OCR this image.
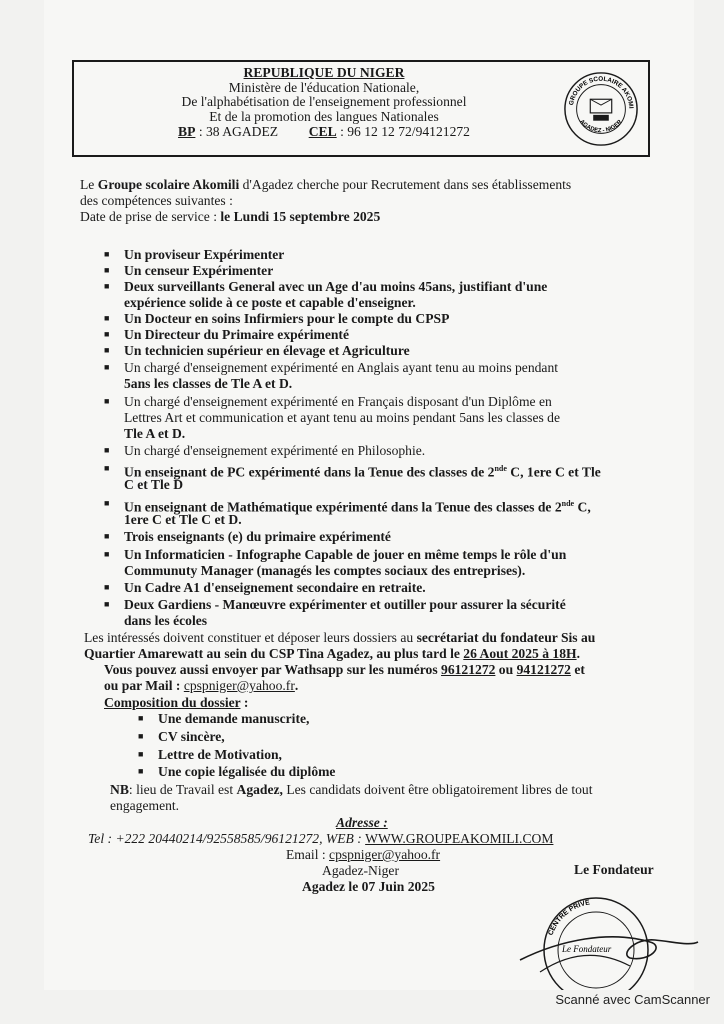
REPUBLIQUE DU NIGER
Ministère de l'éducation Nationale,
De l'alphabétisation de l'enseignement professionnel
Et de la promotion des langues Nationales
BP : 38 AGADEZ CEL : 96 12 12 72/94121272
GROUPE SCOLAIRE AKOMI
AGADEZ - NIGER
Le Groupe scolaire Akomili d'Agadez cherche pour Recrutement dans ses établissements
des compétences suivantes :
Date de prise de service : le Lundi 15 septembre 2025
■ Un proviseur Expérimenter
■ Un censeur Expérimenter
■ Deux surveillants General avec un Age d'au moins 45ans, justifiant d'une
expérience solide à ce poste et capable d'enseigner.
■ Un Docteur en soins Infirmiers pour le compte du CPSP
■ Un Directeur du Primaire expérimenté
■ Un technicien supérieur en élevage et Agriculture
■ Un chargé d'enseignement expérimenté en Anglais ayant tenu au moins pendant
5ans les classes de Tle A et D.
■ Un chargé d'enseignement expérimenté en Français disposant d'un Diplôme en
Lettres Art et communication et ayant tenu au moins pendant 5ans les classes de
Tle A et D.
■ Un chargé d'enseignement expérimenté en Philosophie.
■ Un enseignant de PC expérimenté dans la Tenue des classes de 2nde C, 1ere C et Tle
C et Tle D
■ Un enseignant de Mathématique expérimenté dans la Tenue des classes de 2nde C,
1ere C et Tle C et D.
■ Trois enseignants (e) du primaire expérimenté
■ Un Informaticien - Infographe Capable de jouer en même temps le rôle d'un
Communuty Manager (managés les comptes sociaux des entreprises).
■ Un Cadre A1 d'enseignement secondaire en retraite.
■ Deux Gardiens - Manœuvre expérimenter et outiller pour assurer la sécurité
dans les écoles
Les intéressés doivent constituer et déposer leurs dossiers au secrétariat du fondateur Sis au
Quartier Amarewatt au sein du CSP Tina Agadez, au plus tard le 26 Aout 2025 à 18H.
Vous pouvez aussi envoyer par Wathsapp sur les numéros 96121272 ou 94121272 et
ou par Mail : cpspniger@yahoo.fr.
Composition du dossier :
■ Une demande manuscrite,
■ CV sincère,
■ Lettre de Motivation,
■ Une copie légalisée du diplôme
NB: lieu de Travail est Agadez, Les candidats doivent être obligatoirement libres de tout
engagement.
Adresse :
Tel : +222 20440214/92558585/96121272, WEB : WWW.GROUPEAKOMILI.COM
Email : cpspniger@yahoo.fr
Agadez-Niger
Agadez le 07 Juin 2025
Le Fondateur
CENTRE PRIVÉ
Le Fondateur
Scanné avec CamScanner
